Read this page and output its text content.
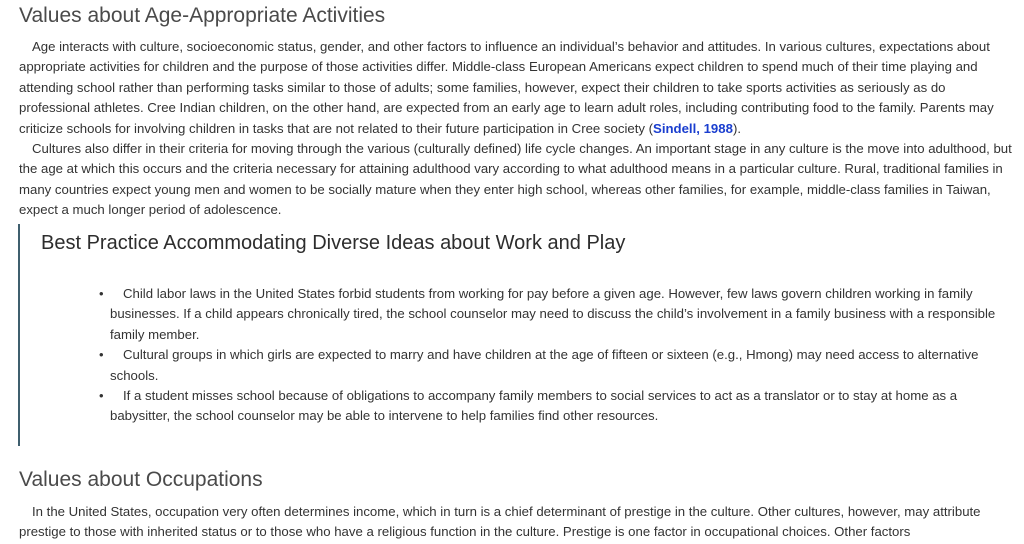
Values about Age-Appropriate Activities

Age interacts with culture, socioeconomic status, gender, and other factors to influence an individual’s behavior and attitudes. In various cultures, expectations about appropriate activities for children and the purpose of those activities differ. Middle-class European Americans expect children to spend much of their time playing and attending school rather than performing tasks similar to those of adults; some families, however, expect their children to take sports activities as seriously as do professional athletes. Cree Indian children, on the other hand, are expected from an early age to learn adult roles, including contributing food to the family. Parents may criticize schools for involving children in tasks that are not related to their future participation in Cree society (Sindell, 1988).

Cultures also differ in their criteria for moving through the various (culturally defined) life cycle changes. An important stage in any culture is the move into adulthood, but the age at which this occurs and the criteria necessary for attaining adulthood vary according to what adulthood means in a particular culture. Rural, traditional families in many countries expect young men and women to be socially mature when they enter high school, whereas other families, for example, middle-class families in Taiwan, expect a much longer period of adolescence.

Best Practice Accommodating Diverse Ideas about Work and Play
• Child labor laws in the United States forbid students from working for pay before a given age. However, few laws govern children working in family businesses. If a child appears chronically tired, the school counselor may need to discuss the child’s involvement in a family business with a responsible family member.
• Cultural groups in which girls are expected to marry and have children at the age of fifteen or sixteen (e.g., Hmong) may need access to alternative schools.
• If a student misses school because of obligations to accompany family members to social services to act as a translator or to stay at home as a babysitter, the school counselor may be able to intervene to help families find other resources.
Values about Occupations

In the United States, occupation very often determines income, which in turn is a chief determinant of prestige in the culture. Other cultures, however, may attribute prestige to those with inherited status or to those who have a religious function in the culture. Prestige is one factor in occupational choices. Other factors
